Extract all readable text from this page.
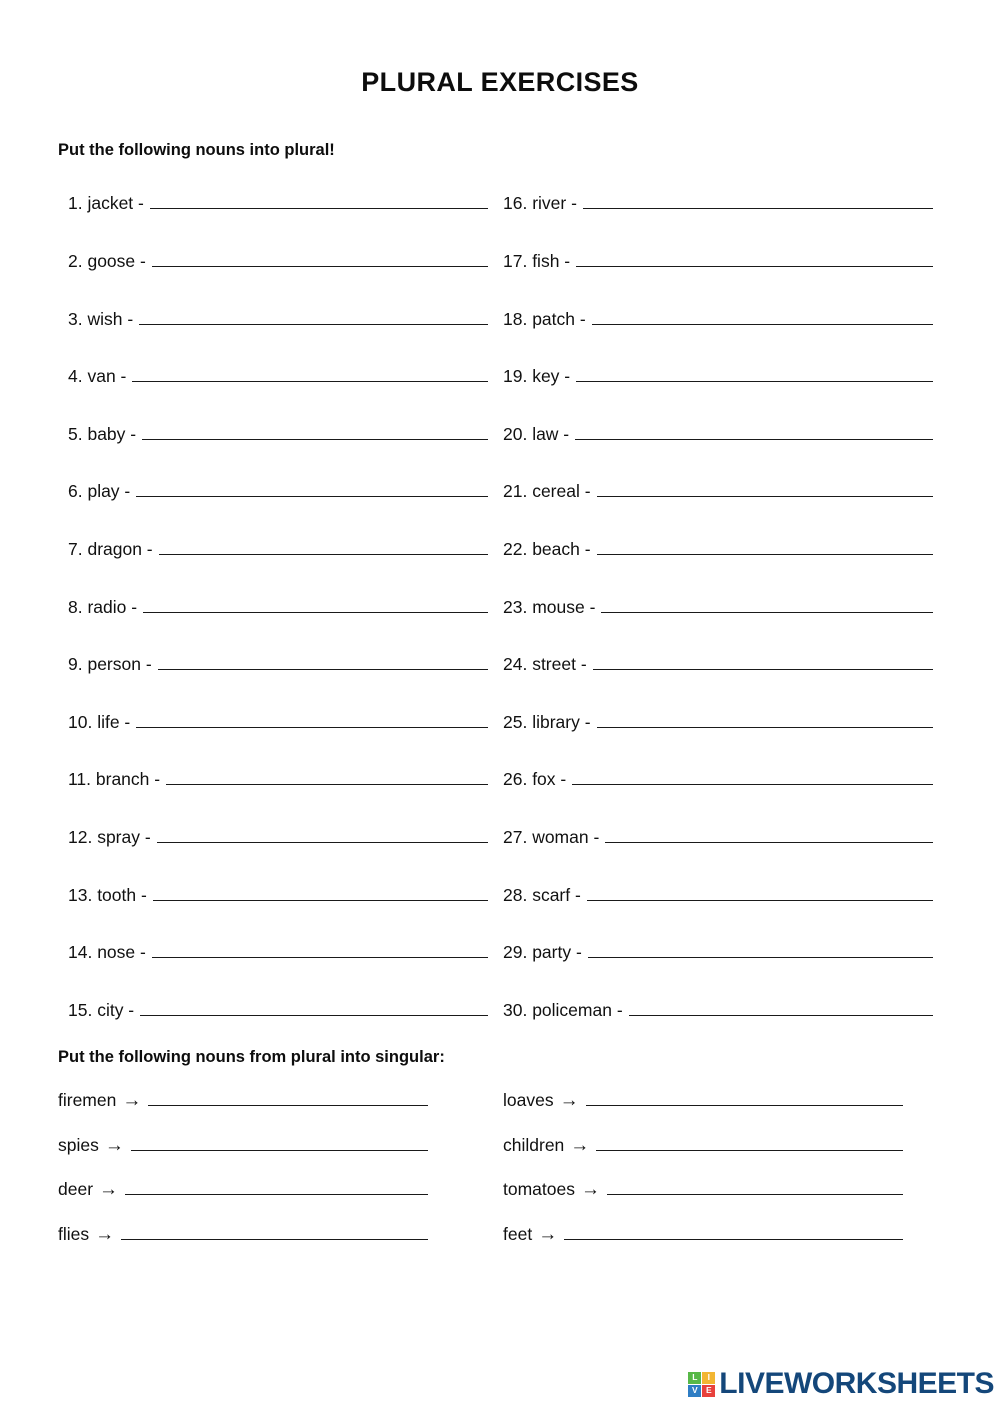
PLURAL EXERCISES
Put the following nouns into plural!
1. jacket -
2. goose -
3. wish -
4. van -
5. baby -
6. play -
7. dragon -
8. radio -
9. person -
10. life -
11. branch -
12. spray -
13. tooth -
14. nose -
15. city -
16. river -
17. fish -
18. patch -
19. key -
20. law -
21. cereal -
22. beach -
23. mouse -
24. street -
25. library -
26. fox -
27. woman -
28. scarf -
29. party -
30. policeman -
Put the following nouns from plural into singular:
firemen →
spies →
deer →
flies →
loaves →
children →
tomatoes →
feet →
L	I
V E LIVEWORKSHEETS
